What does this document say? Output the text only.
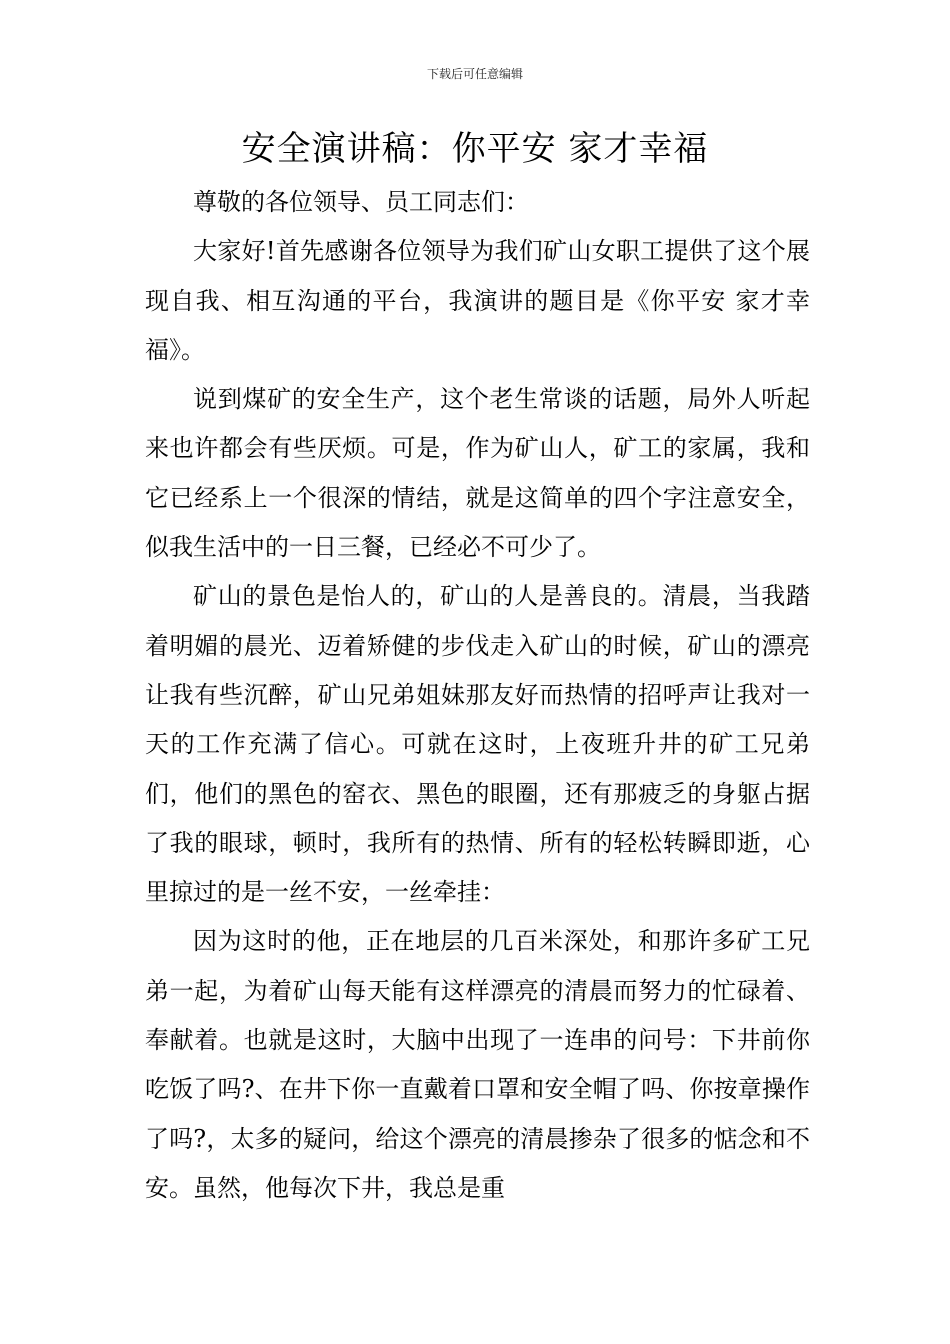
下载后可任意编辑
安全演讲稿：你平安 家才幸福

尊敬的各位领导、员工同志们：

大家好!首先感谢各位领导为我们矿山女职工提供了这个展现自我、相互沟通的平台，我演讲的题目是《你平安 家才幸福》。

说到煤矿的安全生产，这个老生常谈的话题，局外人听起来也许都会有些厌烦。可是，作为矿山人，矿工的家属，我和它已经系上一个很深的情结，就是这简单的四个字注意安全，似我生活中的一日三餐，已经必不可少了。

矿山的景色是怡人的，矿山的人是善良的。清晨，当我踏着明媚的晨光、迈着矫健的步伐走入矿山的时候，矿山的漂亮让我有些沉醉，矿山兄弟姐妹那友好而热情的招呼声让我对一天的工作充满了信心。可就在这时，上夜班升井的矿工兄弟们，他们的黑色的窑衣、黑色的眼圈，还有那疲乏的身躯占据了我的眼球，顿时，我所有的热情、所有的轻松转瞬即逝，心里掠过的是一丝不安，一丝牵挂：

因为这时的他，正在地层的几百米深处，和那许多矿工兄弟一起，为着矿山每天能有这样漂亮的清晨而努力的忙碌着、奉献着。也就是这时，大脑中出现了一连串的问号：下井前你吃饭了吗?、在井下你一直戴着口罩和安全帽了吗、你按章操作了吗?，太多的疑问，给这个漂亮的清晨掺杂了很多的惦念和不安。虽然，他每次下井，我总是重
